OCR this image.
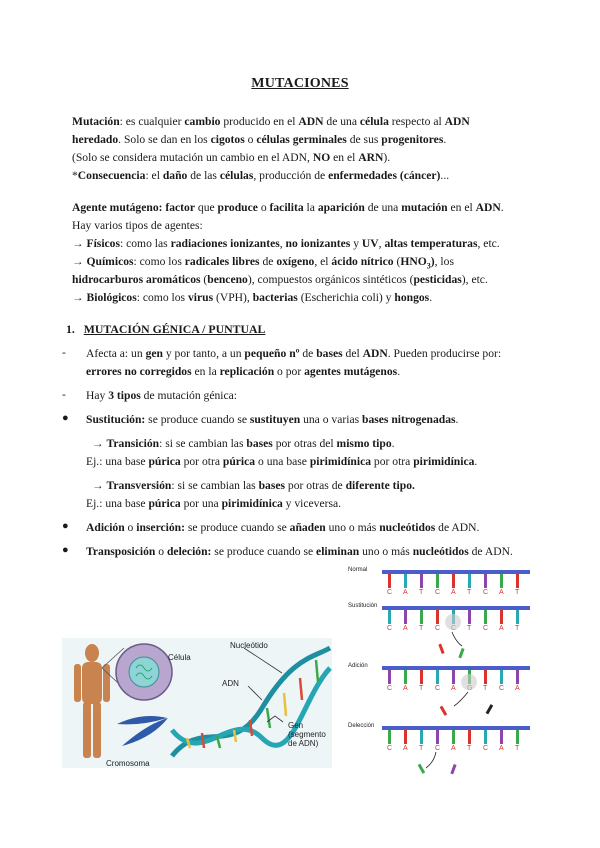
MUTACIONES
Mutación: es cualquier cambio producido en el ADN de una célula respecto al ADN
heredado. Solo se dan en los cigotos o células germinales de sus progenitores.
(Solo se considera mutación un cambio en el ADN, NO en el ARN).
*Consecuencia: el daño de las células, producción de enfermedades (cáncer)...
Agente mutágeno: factor que produce o facilita la aparición de una mutación en el ADN.
Hay varios tipos de agentes:
→ Físicos: como las radiaciones ionizantes, no ionizantes y UV, altas temperaturas, etc.
→ Químicos: como los radicales libres de oxígeno, el ácido nítrico $(HNO_3)$, los
hidrocarburos aromáticos (benceno), compuestos orgánicos sintéticos (pesticidas), etc.
→ Biológicos: como los virus (VPH), bacterias (Escherichia coli) y hongos.
1. MUTACIÓN GÉNICA / PUNTUAL
- Afecta a: un gen y por tanto, a un pequeño nº de bases del ADN. Pueden producirse por:
errores no corregidos en la replicación o por agentes mutágenos.
- Hay 3 tipos de mutación génica:
● Sustitución: se produce cuando se sustituyen una o varias bases nitrogenadas.
→ Transición: si se cambian las bases por otras del mismo tipo.
Ej.: una base púrica por otra púrica o una base pirimidínica por otra pirimidínica.
→ Transversión: si se cambian las bases por otras de diferente tipo.
Ej.: una base púrica por una pirimidínica y viceversa.
● Adición o inserción: se produce cuando se añaden uno o más nucleótidos de ADN.
● Transposición o deleción: se produce cuando se eliminan uno o más nucleótidos de ADN.
Célula
Nucleótido
ADN
Gen
(segmento
de ADN)
Cromosoma
Normal
C A T C A T C A T
Sustitución
C A T C	T C A T
Adición
C A T C A	T C A
Delección
C A T C A T C A T
